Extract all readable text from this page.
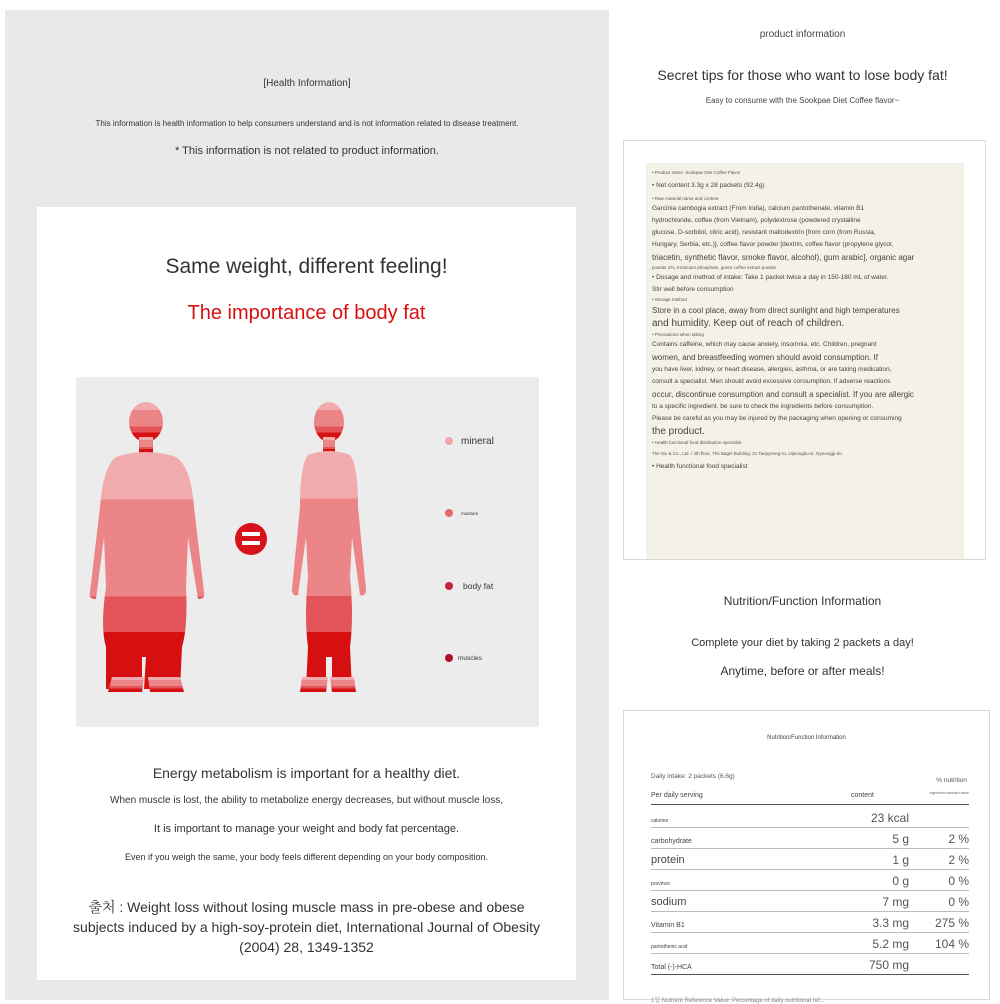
[Health Information]
This information is health information to help consumers understand and is not information related to disease treatment.
* This information is not related to product information.
Same weight, different feeling!
The importance of body fat
mineral
moisture
body fat
muscles
Energy metabolism is important for a healthy diet.
When muscle is lost, the ability to metabolize energy decreases, but without muscle loss,
It is important to manage your weight and body fat percentage.
Even if you weigh the same, your body feels different depending on your body composition.
출처 : Weight loss without losing muscle mass in pre-obese and obese subjects induced by a high-soy-protein diet, International Journal of Obesity (2004) 28, 1349-1352
product information
Secret tips for those who want to lose body fat!
Easy to consume with the Sookpae Diet Coffee flavor~
• Product name: Sookpae Diet Coffee Flavor
• Net content 3.3g x 28 packets (92.4g)
• Raw material name and content
Garcinia cambogia extract (From India), calcium pantothenate, vitamin B1
hydrochloride, coffee (from Vietnam), polydextrose (powdered crystalline
glucose, D-sorbitol, citric acid), resistant maltodextrin [from corn (from Russia,
Hungary, Serbia, etc.)], coffee flavor powder [dextrin, coffee flavor (propylene glycol,
triacetin, synthetic flavor, smoke flavor, alcohol), gum arabic], organic agar
powder 2%, tricalcium phosphate, green coffee extract powder
• Dosage and method of intake: Take 1 packet twice a day in 150-180 mL of water.
Stir well before consumption
• Storage method
Store in a cool place, away from direct sunlight and high temperatures
and humidity. Keep out of reach of children.
• Precautions when taking
Contains caffeine, which may cause anxiety, insomnia, etc. Children, pregnant
women, and breastfeeding women should avoid consumption. If
you have liver, kidney, or heart disease, allergies, asthma, or are taking medication,
consult a specialist. Men should avoid excessive consumption. If adverse reactions
occur, discontinue consumption and consult a specialist. If you are allergic
to a specific ingredient, be sure to check the ingredients before consumption.
Please be careful as you may be injured by the packaging when opening or consuming
the product.
• Health functional food distribution specialist
The Six & Co., Ltd. / 4th floor, The Bagel Building, 21 Taepyeong-ro, Uijeongbu-si, Gyeonggi-do
• Health functional food specialist
Nutrition/Function Information
Complete your diet by taking 2 packets a day!
Anytime, before or after meals!
Nutrition/Function Information
Daily intake: 2 packets (6.6g)
% nutrition
Per daily serving	content	Ingredient standard value
calories	23 kcal
carbohydrate	5 g	2 %
protein	1 g	2 %
province	0 g	0 %
sodium	7 mg	0 %
Vitamin B1	3.3 mg 275 %
pantothenic acid	5.2 mg 104 %
Total (-)-HCA	750 mg
1일 Nutrient Reference Value: Percentage of daily nutritional ref...
